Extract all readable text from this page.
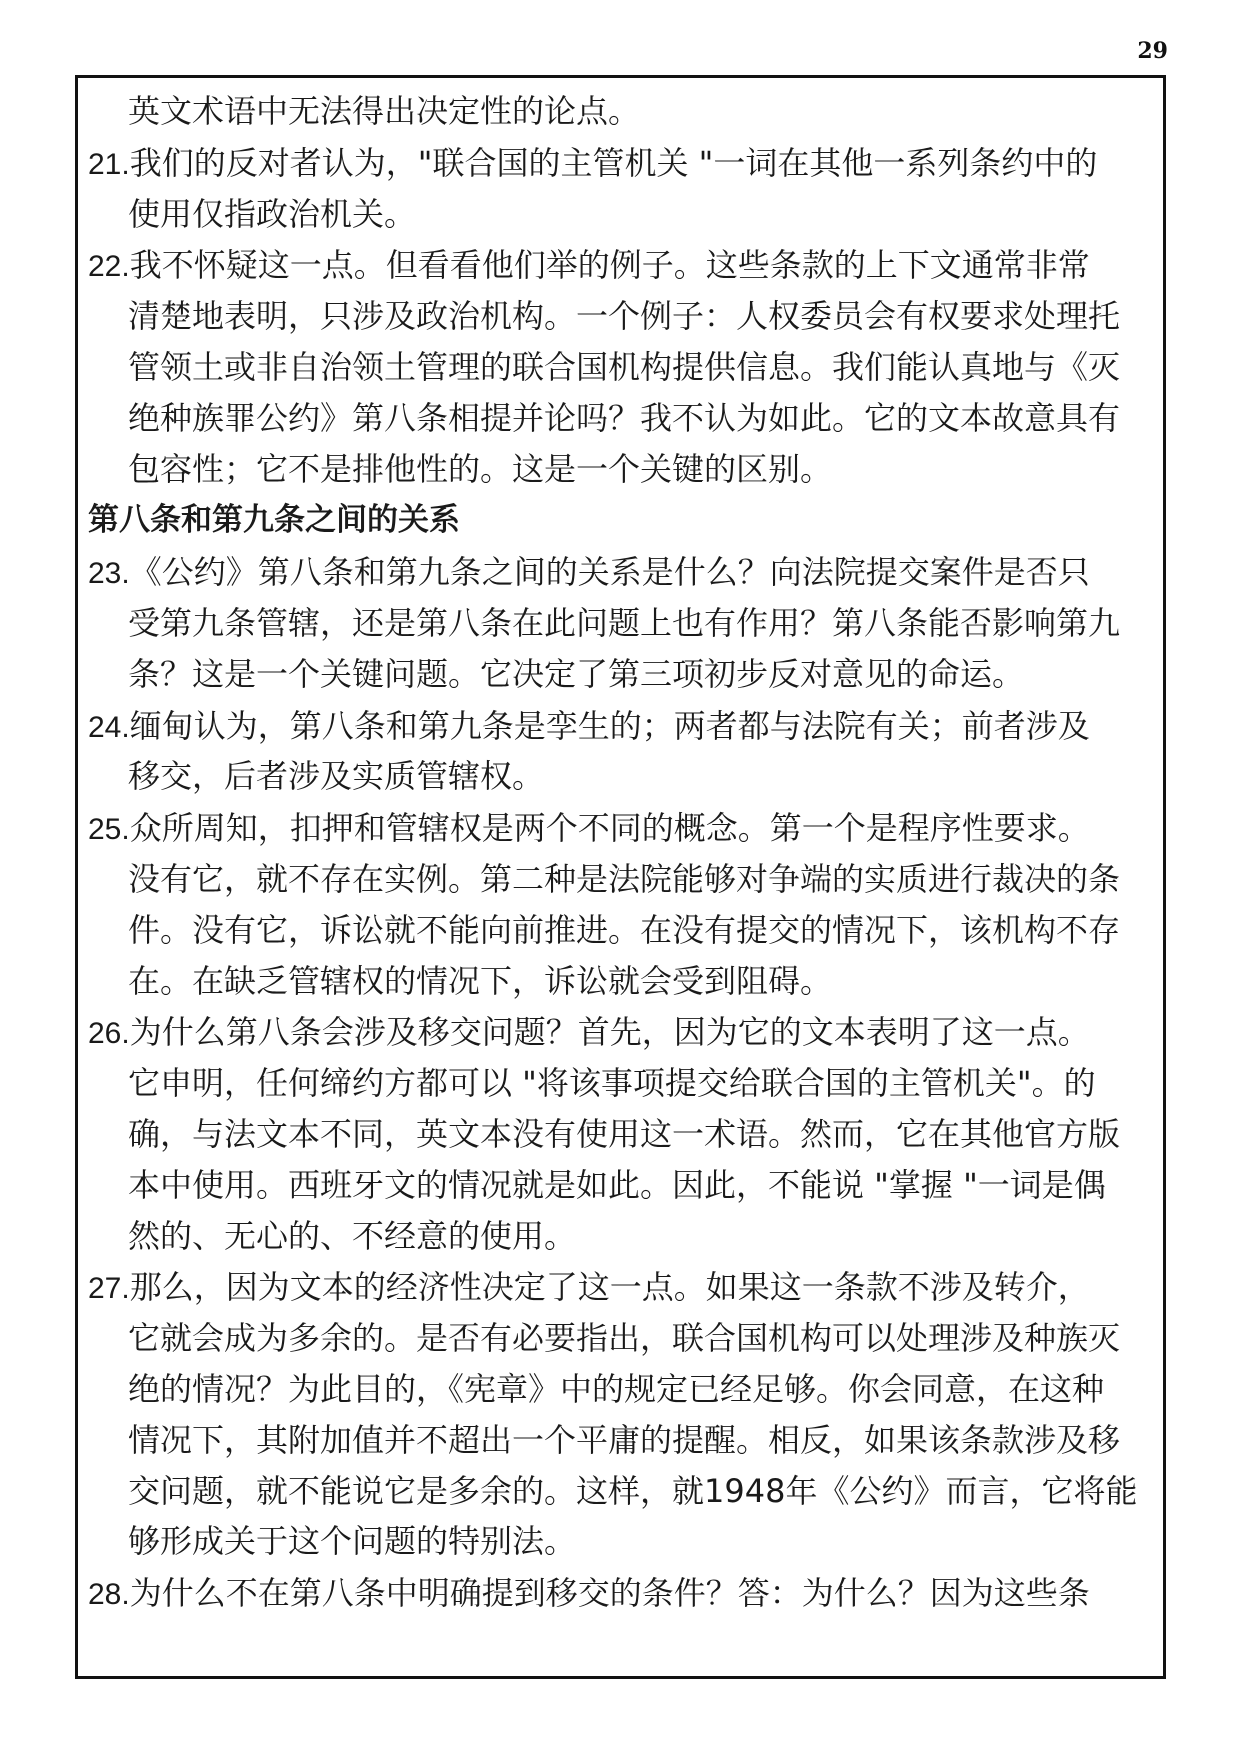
29
英文术语中无法得出决定性的论点。
21.我们的反对者认为，"联合国的主管机关 "一词在其他一系列条约中的
使用仅指政治机关。
22.我不怀疑这一点。但看看他们举的例子。这些条款的上下文通常非常
清楚地表明，只涉及政治机构。一个例子：人权委员会有权要求处理托
管领土或非自治领土管理的联合国机构提供信息。我们能认真地与《灭
绝种族罪公约》第八条相提并论吗？我不认为如此。它的文本故意具有
包容性；它不是排他性的。这是一个关键的区别。
第八条和第九条之间的关系
23.《公约》第八条和第九条之间的关系是什么？向法院提交案件是否只
受第九条管辖，还是第八条在此问题上也有作用？第八条能否影响第九
条？这是一个关键问题。它决定了第三项初步反对意见的命运。
24.缅甸认为，第八条和第九条是孪生的；两者都与法院有关；前者涉及
移交，后者涉及实质管辖权。
25.众所周知，扣押和管辖权是两个不同的概念。第一个是程序性要求。
没有它，就不存在实例。第二种是法院能够对争端的实质进行裁决的条
件。没有它，诉讼就不能向前推进。在没有提交的情况下，该机构不存
在。在缺乏管辖权的情况下，诉讼就会受到阻碍。
26.为什么第八条会涉及移交问题？首先，因为它的文本表明了这一点。
它申明，任何缔约方都可以 "将该事项提交给联合国的主管机关"。的
确，与法文本不同，英文本没有使用这一术语。然而，它在其他官方版
本中使用。西班牙文的情况就是如此。因此，不能说 "掌握 "一词是偶
然的、无心的、不经意的使用。
27.那么，因为文本的经济性决定了这一点。如果这一条款不涉及转介，
它就会成为多余的。是否有必要指出，联合国机构可以处理涉及种族灭
绝的情况？为此目的，《宪章》中的规定已经足够。你会同意，在这种
情况下，其附加值并不超出一个平庸的提醒。相反，如果该条款涉及移
交问题，就不能说它是多余的。这样，就1948年《公约》而言，它将能
够形成关于这个问题的特别法。
28.为什么不在第八条中明确提到移交的条件？答：为什么？因为这些条
